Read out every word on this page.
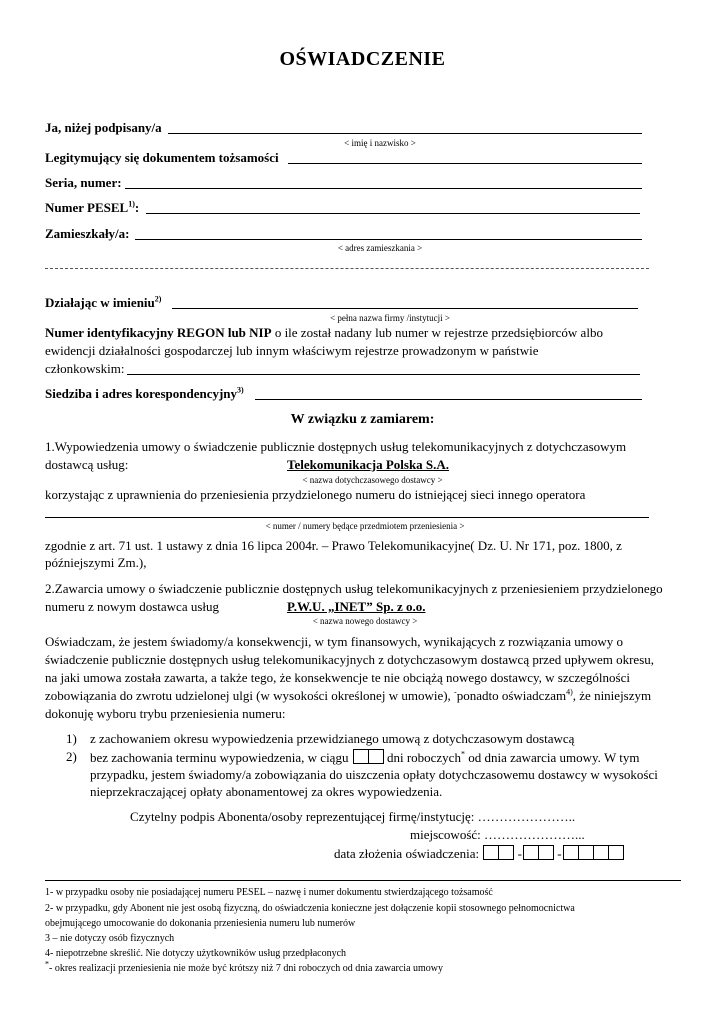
OŚWIADCZENIE
Ja, niżej podpisany/a
< imię i nazwisko >
Legitymujący się dokumentem tożsamości
Seria, numer:
Numer PESEL$^{1)}$:
Zamieszkały/a:
< adres zamieszkania >
Działając w imieniu$^{2)}$
< pełna nazwa firmy /instytucji >
Numer identyfikacyjny REGON lub NIP o ile został nadany lub numer w rejestrze przedsiębiorców albo
ewidencji działalności gospodarczej lub innym właściwym rejestrze prowadzonym w państwie
członkowskim:
Siedziba i adres korespondencyjny$^{3)}$
W związku z zamiarem:
1.Wypowiedzenia umowy o świadczenie publicznie dostępnych usług telekomunikacyjnych z dotychczasowym
dostawcą usług:	Telekomunikacja Polska S.A.
< nazwa dotychczasowego dostawcy >
korzystając z uprawnienia do przeniesienia przydzielonego numeru do istniejącej sieci innego operatora
< numer / numery będące przedmiotem przeniesienia >
zgodnie z art. 71 ust. 1 ustawy z dnia 16 lipca 2004r. – Prawo Telekomunikacyjne( Dz. U. Nr 171, poz. 1800, z
późniejszymi Zm.),
2.Zawarcia umowy o świadczenie publicznie dostępnych usług telekomunikacyjnych z przeniesieniem przydzielonego
numeru z nowym dostawca usług	P.W.U. „INET” Sp. z o.o.
< nazwa nowego dostawcy >
Oświadczam, że jestem świadomy/a konsekwencji, w tym finansowych, wynikających z rozwiązania umowy o
świadczenie publicznie dostępnych usług telekomunikacyjnych z dotychczasowym dostawcą przed upływem okresu,
na jaki umowa została zawarta, a także tego, że konsekwencje te nie obciążą nowego dostawcy, w szczególności
zobowiązania do zwrotu udzielonej ulgi (w wysokości określonej w umowie), -ponadto oświadczam$^{4)}$, że niniejszym
dokonuję wyboru trybu przeniesienia numeru:
1) z zachowaniem okresu wypowiedzenia przewidzianego umową z dotychczasowym dostawcą
2) bez zachowania terminu wypowiedzenia, w ciągu	dni roboczych* od dnia zawarcia umowy. W tym
przypadku, jestem świadomy/a zobowiązania do uiszczenia opłaty dotychczasowemu dostawcy w wysokości
nieprzekraczającej opłaty abonamentowej za okres wypowiedzenia.
Czytelny podpis Abonenta/osoby reprezentującej firmę/instytucję: …………………..
miejscowość: …………………...
data złożenia oświadczenia:	-	-
1- w przypadku osoby nie posiadającej numeru PESEL – nazwę i numer dokumentu stwierdzającego tożsamość
2- w przypadku, gdy Abonent nie jest osobą fizyczną, do oświadczenia konieczne jest dołączenie kopii stosownego pełnomocnictwa
obejmującego umocowanie do dokonania przeniesienia numeru lub numerów
3 – nie dotyczy osób fizycznych
4- niepotrzebne skreślić. Nie dotyczy użytkowników usług przedpłaconych
*- okres realizacji przeniesienia nie może być krótszy niż 7 dni roboczych od dnia zawarcia umowy
